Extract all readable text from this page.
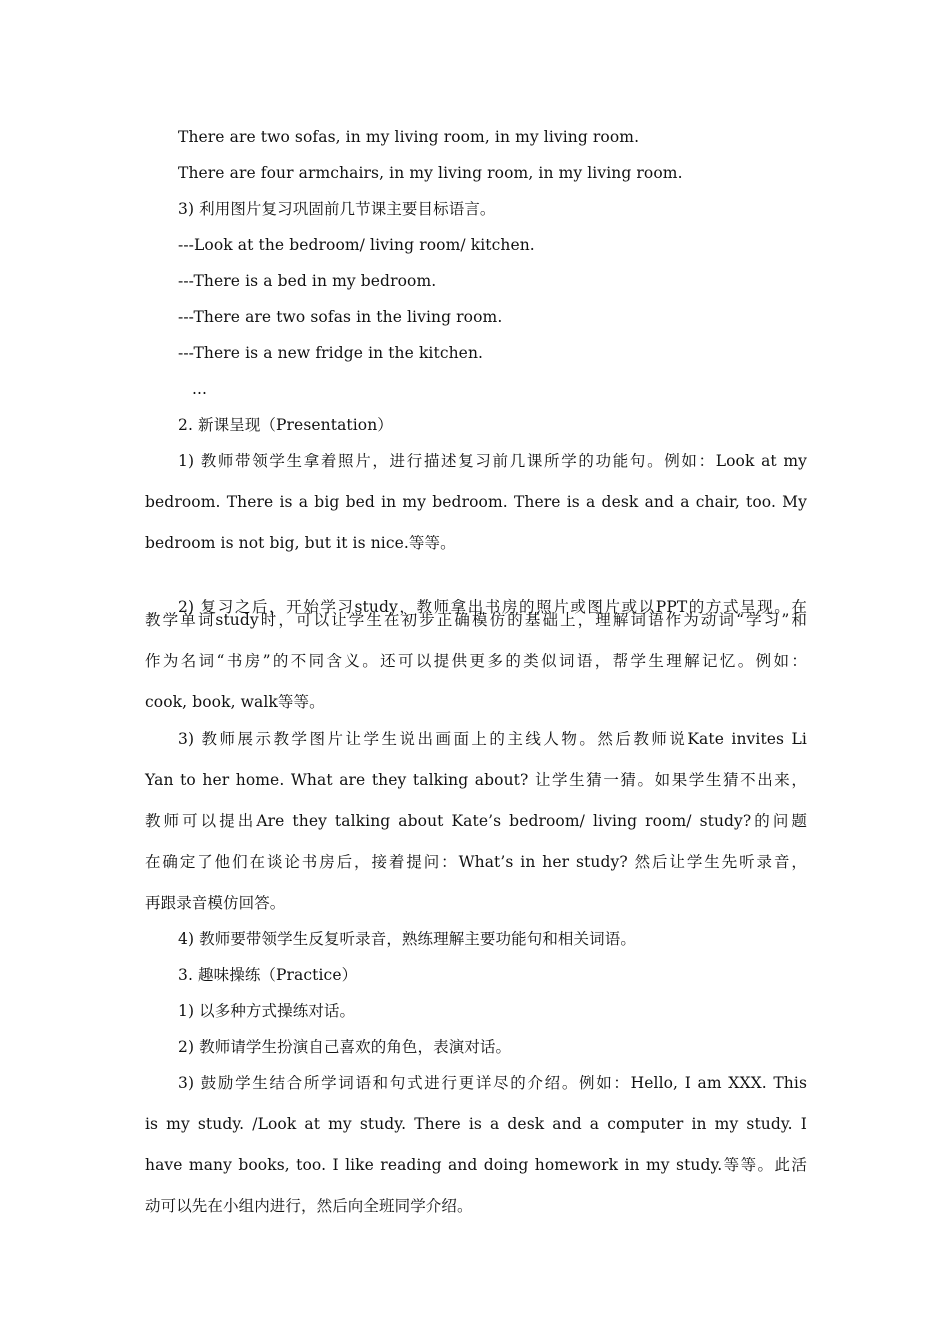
There are two sofas, in my living room, in my living room.
There are four armchairs, in my living room, in my living room.
3) 利用图片复习巩固前几节课主要目标语言。
---Look at the bedroom/ living room/ kitchen.
---There is a bed in my bedroom.
---There are two sofas in the living room.
---There is a new fridge in the kitchen.
...
2. 新课呈现（Presentation）
1) 教师带领学生拿着照片，进行描述复习前几课所学的功能句。例如：Look at my
bedroom. There is a big bed in my bedroom. There is a desk and a chair, too. My
bedroom is not big, but it is nice.等等。
2) 复习之后，开始学习study，教师拿出书房的照片或图片或以PPT的方式呈现。在
教学单词study时，可以让学生在初步正确模仿的基础上，理解词语作为动词“学习”和
作为名词“书房”的不同含义。还可以提供更多的类似词语，帮学生理解记忆。例如：
cook, book, walk等等。
3) 教师展示教学图片让学生说出画面上的主线人物。然后教师说Kate invites Li
Yan to her home. What are they talking about? 让学生猜一猜。如果学生猜不出来，
教师可以提出Are they talking about Kate’s bedroom/ living room/ study?的问题
在确定了他们在谈论书房后，接着提问：What’s in her study? 然后让学生先听录音，
再跟录音模仿回答。
4) 教师要带领学生反复听录音，熟练理解主要功能句和相关词语。
3. 趣味操练（Practice）
1) 以多种方式操练对话。
2) 教师请学生扮演自己喜欢的角色，表演对话。
3) 鼓励学生结合所学词语和句式进行更详尽的介绍。例如：Hello, I am XXX. This
is my study. /Look at my study. There is a desk and a computer in my study. I
have many books, too. I like reading and doing homework in my study.等等。此活
动可以先在小组内进行，然后向全班同学介绍。
